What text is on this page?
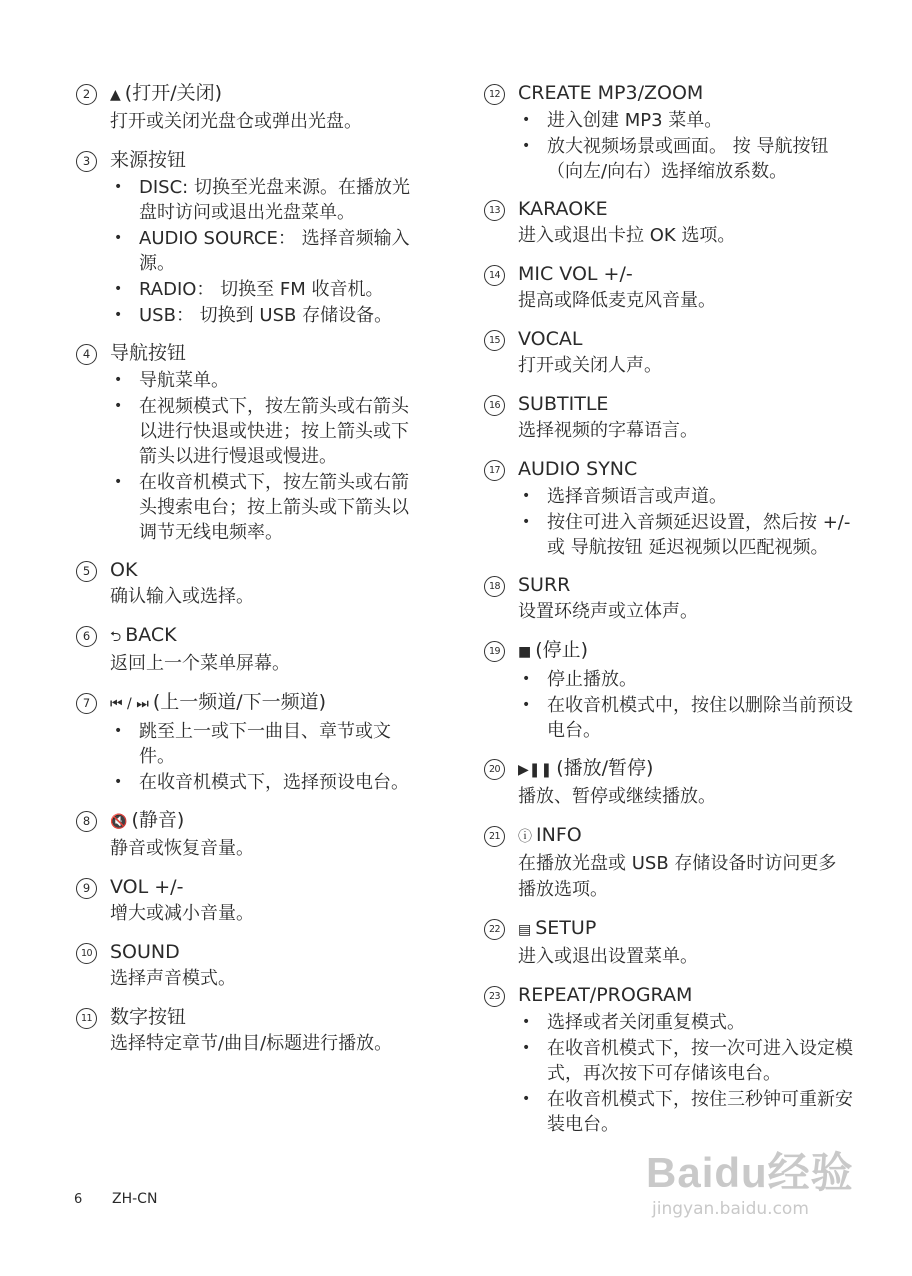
2	▲ (打开/关闭)
打开或关闭光盘仓或弹出光盘。
3	来源按钮
• DISC: 切换至光盘来源。在播放光盘时访问或退出光盘菜单。
• AUDIO SOURCE： 选择音频输入源。
• RADIO： 切换至 FM 收音机。
• USB： 切换到 USB 存储设备。
4	导航按钮
• 导航菜单。
• 在视频模式下，按左箭头或右箭头以进行快退或快进；按上箭头或下箭头以进行慢退或慢进。
• 在收音机模式下，按左箭头或右箭头搜索电台；按上箭头或下箭头以调节无线电频率。
5	OK
确认输入或选择。
6	⮌ BACK
返回上一个菜单屏幕。
7	⏮ / ⏭ (上一频道/下一频道)
• 跳至上一或下一曲目、章节或文件。
• 在收音机模式下，选择预设电台。
8	🔇 (静音)
静音或恢复音量。
9	VOL +/-
增大或减小音量。
10 SOUND
选择声音模式。
11 数字按钮
选择特定章节/曲目/标题进行播放。
12 CREATE MP3/ZOOM
• 进入创建 MP3 菜单。
• 放大视频场景或画面。 按 导航按钮（向左/向右）选择缩放系数。
13 KARAOKE
进入或退出卡拉 OK 选项。
14 MIC VOL +/-
提高或降低麦克风音量。
15 VOCAL
打开或关闭人声。
16 SUBTITLE
选择视频的字幕语言。
17 AUDIO SYNC
• 选择音频语言或声道。
• 按住可进入音频延迟设置，然后按 +/- 或 导航按钮 延迟视频以匹配视频。
18 SURR
设置环绕声或立体声。
19	■ (停止)
• 停止播放。
• 在收音机模式中，按住以删除当前预设电台。
20	▶❚❚ (播放/暂停)
播放、暂停或继续播放。
21	ⓘ INFO
在播放光盘或 USB 存储设备时访问更多播放选项。
22	▤ SETUP
进入或退出设置菜单。
23 REPEAT/PROGRAM
• 选择或者关闭重复模式。
• 在收音机模式下，按一次可进入设定模式，再次按下可存储该电台。
• 在收音机模式下，按住三秒钟可重新安装电台。
6 ZH-CN
Baidu经验
jingyan.baidu.com
